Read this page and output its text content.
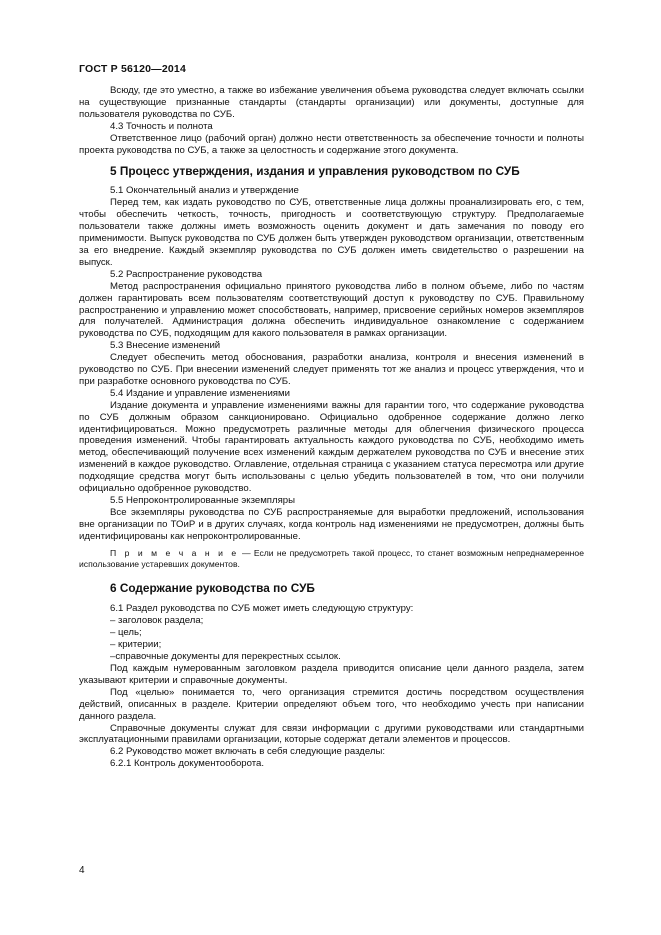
ГОСТ Р 56120—2014

Всюду, где это уместно, а также во избежание увеличения объема руководства следует включать ссылки на существующие признанные стандарты (стандарты организации) или документы, доступные для пользователя руководства по СУБ.

4.3 Точность и полнота

Ответственное лицо (рабочий орган) должно нести ответственность за обеспечение точности и полноты проекта руководства по СУБ, а также за целостность и содержание этого документа.

5 Процесс утверждения, издания и управления руководством по СУБ

5.1 Окончательный анализ и утверждение

Перед тем, как издать руководство по СУБ, ответственные лица должны проанализировать его, с тем, чтобы обеспечить четкость, точность, пригодность и соответствующую структуру. Предполагаемые пользователи также должны иметь возможность оценить документ и дать замечания по поводу его применимости. Выпуск руководства по СУБ должен быть утвержден руководством организации, ответственным за его внедрение. Каждый экземпляр руководства по СУБ должен иметь свидетельство о разрешении на выпуск.

5.2 Распространение руководства

Метод распространения официально принятого руководства либо в полном объеме, либо по частям должен гарантировать всем пользователям соответствующий доступ к руководству по СУБ. Правильному распространению и управлению может способствовать, например, присвоение серийных номеров экземпляров для получателей. Администрация должна обеспечить индивидуальное ознакомление с содержанием руководства по СУБ, подходящим для какого пользователя в рамках организации.

5.3 Внесение изменений

Следует обеспечить метод обоснования, разработки анализа, контроля и внесения изменений в руководство по СУБ. При внесении изменений следует применять тот же анализ и процесс утверждения, что и при разработке основного руководства по СУБ.

5.4 Издание и управление изменениями

Издание документа и управление изменениями важны для гарантии того, что содержание руководства по СУБ должным образом санкционировано. Официально одобренное содержание должно легко идентифицироваться. Можно предусмотреть различные методы для облегчения физического процесса проведения изменений. Чтобы гарантировать актуальность каждого руководства по СУБ, необходимо иметь метод, обеспечивающий получение всех изменений каждым держателем руководства по СУБ и внесение этих изменений в каждое руководство. Оглавление, отдельная страница с указанием статуса пересмотра или другие подходящие средства могут быть использованы с целью убедить пользователей в том, что они получили официально одобренное руководство.

5.5 Непроконтролированные экземпляры

Все экземпляры руководства по СУБ распространяемые для выработки предложений, использования вне организации по ТОиР и в других случаях, когда контроль над изменениями не предусмотрен, должны быть идентифицированы как непроконтролированные.

П р и м е ч а н и е — Если не предусмотреть такой процесс, то станет возможным непреднамеренное использование устаревших документов.

6 Содержание руководства по СУБ

6.1 Раздел руководства по СУБ может иметь следующую структуру:

– заголовок раздела;

– цель;

– критерии;

–справочные документы для перекрестных ссылок.

Под каждым нумерованным заголовком раздела приводится описание цели данного раздела, затем указывают критерии и справочные документы.

Под «целью» понимается то, чего организация стремится достичь посредством осуществления действий, описанных в разделе. Критерии определяют объем того, что необходимо учесть при написании данного раздела.

Справочные документы служат для связи информации с другими руководствами или стандартными эксплуатационными правилами организации, которые содержат детали элементов и процессов.

6.2 Руководство может включать в себя следующие разделы:

6.2.1 Контроль документооборота.

4
